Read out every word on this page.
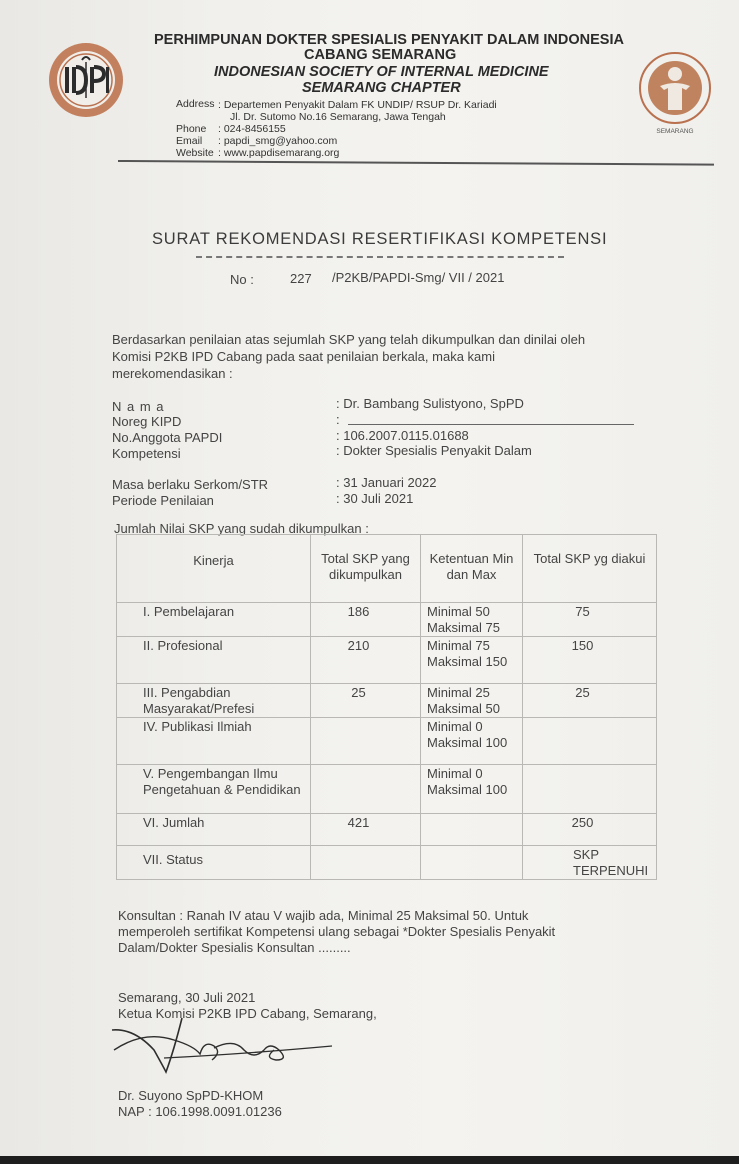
SEMARANG
PERHIMPUNAN DOKTER SPESIALIS PENYAKIT DALAM INDONESIA
CABANG SEMARANG
INDONESIAN SOCIETY OF INTERNAL MEDICINE
SEMARANG CHAPTER
Address : Departemen Penyakit Dalam FK UNDIP/ RSUP Dr. Kariadi
Jl. Dr. Sutomo No.16 Semarang, Jawa Tengah
Phone : 024-8456155
Email : papdi_smg@yahoo.com
Website : www.papdisemarang.org
SURAT REKOMENDASI RESERTIFIKASI KOMPETENSI
No :	227 /P2KB/PAPDI-Smg/ VII / 2021
Berdasarkan penilaian atas sejumlah SKP yang telah dikumpulkan dan dinilai oleh
Komisi P2KB IPD Cabang pada saat penilaian berkala, maka kami
merekomendasikan :
N a m a	: Dr. Bambang Sulistyono, SpPD
Noreg KIPD	:
No.Anggota PAPDI	: 106.2007.0115.01688
Kompetensi	: Dokter Spesialis Penyakit Dalam
Masa berlaku Serkom/STR	: 31 Januari 2022
Periode Penilaian	: 30 Juli 2021
Jumlah Nilai SKP yang sudah dikumpulkan :
Kinerja	Total SKP yang dikumpulkan	Ketentuan Min dan Max	Total SKP yg diakui
I. Pembelajaran	186	Minimal 50 Maksimal 75	75
II. Profesional	210	Minimal 75 Maksimal 150	150
III. Pengabdian Masyarakat/Prefesi	25	Minimal 25 Maksimal 50	25
IV. Publikasi Ilmiah		Minimal 0 Maksimal 100	
V. Pengembangan Ilmu Pengetahuan & Pendidikan		Minimal 0 Maksimal 100	
VI. Jumlah	421		250
VII. Status			SKP TERPENUHI
Konsultan : Ranah IV atau V wajib ada, Minimal 25 Maksimal 50. Untuk
memperoleh sertifikat Kompetensi ulang sebagai *Dokter Spesialis Penyakit
Dalam/Dokter Spesialis Konsultan .........
Semarang, 30 Juli 2021
Ketua Komisi P2KB IPD Cabang, Semarang,
Dr. Suyono SpPD-KHOM
NAP : 106.1998.0091.01236
